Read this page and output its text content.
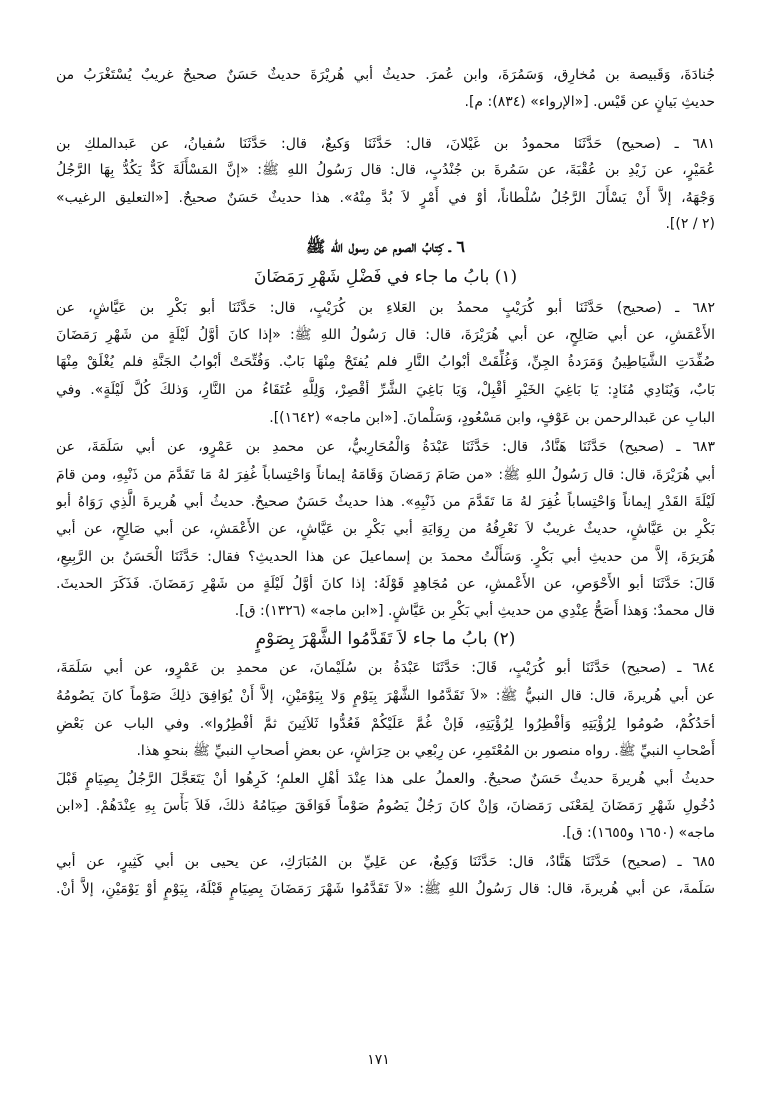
جُنادَةَ، وَقَبيصة بن مُخارِق، وَسَمُرَةَ، وابن عُمرَ. حديثُ أبي هُريْرَةَ حديثٌ حَسَنٌ صحيحٌ غريبٌ يُسْتَغْرَبُ من
حديثِ بَيانٍ عن قَيْس. [«الإرواء» (٨٣٤): م].
٦٨١ ـ (صحيح) حَدَّثَنَا محمودُ بن غَيْلانَ، قال: حَدَّثَنَا وَكيعٌ، قال: حَدَّثَنَا سُفيانُ، عن عَبدالملكِ بن
عُمَيْرٍ، عن زَيْدِ بن عُقْبَةَ، عن سَمُرةَ بن جُنْدُبٍ، قال: قال رَسُولُ اللهِ ﷺ: «إنَّ المَسْأَلَةَ كَدٌّ يَكُدُّ بِهَا الرَّجُلُ
وَجْهَهُ، إلاَّ أَنْ يَسْأَلَ الرَّجُلُ سُلْطاناً، أوْ في أَمْرٍ لاَ بُدَّ مِنْهُ». هذا حديثٌ حَسَنٌ صحيحٌ. [«التعليق الرغيب»
(٢ / ٢)].
٦ ـ كِتابُ الصوم عن رسول الله ﷺ
(١) بابُ ما جاء في فَضْلِ شَهْرِ رَمَضَانَ
٦٨٢ ـ (صحيح) حَدَّثَنَا أبو كُرَيْبٍ محمدُ بن العَلاءِ بن كُرَيْبٍ، قال: حَدَّثَنَا أبو بَكْرِ بن عَيَّاشٍ، عن
الأَعْمَشِ، عن أبي صَالِحٍ، عن أبي هُرَيْرَةَ، قال: قال رَسُولُ اللهِ ﷺ: «إذا كانَ أوَّلُ لَيْلَةٍ من شَهْرِ رَمَضَانَ
صُفِّدَتِ الشَّيَاطِينُ وَمَرَدةُ الجِنِّ، وَغُلِّقَتْ أبْوابُ النَّارِ فلم يُفتَحْ مِنْهَا بَابٌ. وَفُتِّحَتْ أبْوابُ الجَنَّةِ فلم يُغْلَقْ مِنْهَا
بَابٌ، وَيُنَادِي مُنَادٍ: يَا بَاغِيَ الخَيْرِ أقْبِلْ، وَيَا بَاغِيَ الشَّرِّ أقْصِرْ، وَلِلَّهِ عُتَقَاءُ من النَّارِ، وَذلكَ كُلَّ لَيْلَةٍ». وفي
البابِ عن عَبدالرحمن بن عَوْفٍ، وابن مَسْعُودٍ، وَسَلْمانَ. [«ابن ماجه» (١٦٤٢)].
٦٨٣ ـ (صحيح) حَدَّثَنَا هَنَّادٌ، قال: حَدَّثَنَا عَبْدَةُ وَالْمُحَارِبيُّ، عن محمدِ بن عَمْرٍو، عن أبي سَلَمَةَ، عن
أبي هُرَيْرَةَ، قال: قال رَسُولُ اللهِ ﷺ: «من صَامَ رَمَضانَ وَقَامَهُ إيماناً وَاحْتِساباً غُفِرَ لهُ مَا تَقَدَّمَ من ذَنْبِهِ، ومن قامَ
لَيْلَةَ القَدْرِ إيماناً وَاحْتِساباً غُفِرَ لهُ مَا تَقَدَّمَ من ذَنْبِهِ». هذا حديثٌ حَسَنٌ صحيحٌ. حديثُ أبي هُريرةَ الَّذِي رَوَاهُ أبو
بَكْرِ بن عَيَّاشٍ، حديثٌ غريبٌ لاَ نَعْرِفُهُ من رِوَايَةِ أبي بَكْرِ بن عَيَّاشٍ، عن الأَعْمَشِ، عن أبي صَالِحٍ، عن أبي
هُرَيرَةَ، إلاَّ من حديثِ أبي بَكْرٍ. وَسَأَلْتُ محمدَ بن إسماعيلَ عن هذا الحديثِ؟ فقال: حَدَّثَنَا الْحَسَنُ بن الرَّبِيعِ،
قَالَ: حَدَّثَنَا أبو الأَحْوَصِ، عن الأَعْمشِ، عن مُجَاهِدٍ قَوْلَهُ: إذا كانَ أوَّلُ لَيْلَةٍ من شَهْرِ رَمَضَانَ. فَذَكَرَ الحديثَ.
قال محمدٌ: وَهذا أَصَحُّ عِنْدِي من حديثِ أبي بَكْرِ بن عَيَّاشٍ. [«ابن ماجه» (١٣٢٦): ق].
(٢) بابُ ما جاء لاَ تَقَدَّمُوا الشَّهْرَ بِصَوْمٍ
٦٨٤ ـ (صحيح) حَدَّثَنَا أبو كُرَيْبٍ، قَالَ: حَدَّثَنَا عَبْدَةُ بن سُلَيْمانَ، عن محمدِ بن عَمْرٍو، عن أبي سَلَمَةَ،
عن أبي هُريرةَ، قال: قال النبيُّ ﷺ: «لاَ تَقَدَّمُوا الشَّهْرَ بِيَوْمٍ وَلا بِيَوْمَيْنِ، إلاَّ أَنْ يُوَافِقَ ذلِكَ صَوْماً كانَ يَصُومُهُ
أحَدُكُمْ، صُومُوا لِرُؤْيَتِهِ وَأفْطِرُوا لِرُؤْيَتِهِ، فَإنْ غُمَّ عَلَيْكُمْ فَعُدُّوا ثَلاَثِينَ ثمَّ أفْطِرُوا». وفي الباب عن بَعْضِ
أَصْحابِ النبيِّ ﷺ. رواه منصور بن المُعْتَمِرِ، عن رِبْعِي بن حِرَاشٍ، عن بعضِ أصحابِ النبيِّ ﷺ بنحوِ هذا.
حديثُ أبي هُريرةَ حديثٌ حَسَنٌ صحيحٌ. والعملُ على هذا عِنْدَ أهْلِ العلمِ؛ كَرِهُوا أنْ يَتَعَجَّلَ الرَّجُلُ بِصِيَامٍ قَبْلَ
دُخُولِ شَهْرِ رَمَضَانَ لِمَعْنَى رَمَضانَ، وَإنْ كانَ رَجُلٌ يَصُومُ صَوْماً فَوَافَقَ صِيَامُهُ ذلكَ، فَلاَ بَأْسَ بِهِ عِنْدَهُمْ. [«ابن
ماجه» (١٦٥٠ و١٦٥٥): ق].
٦٨٥ ـ (صحيح) حَدَّثَنَا هَنَّادٌ، قال: حَدَّثَنَا وَكِيعٌ، عن عَلِيِّ بن المُبَارَكِ، عن يحيى بن أبي كَثِيرٍ، عن أبي
سَلَمةَ، عن أبي هُريرةَ، قال: قال رَسُولُ اللهِ ﷺ: «لاَ تَقَدَّمُوا شَهْرَ رَمَضَانَ بِصِيَامٍ قَبْلَهُ، بِيَوْمٍ أوْ يَوْمَيْنِ، إلاَّ أنْ.
١٧١
